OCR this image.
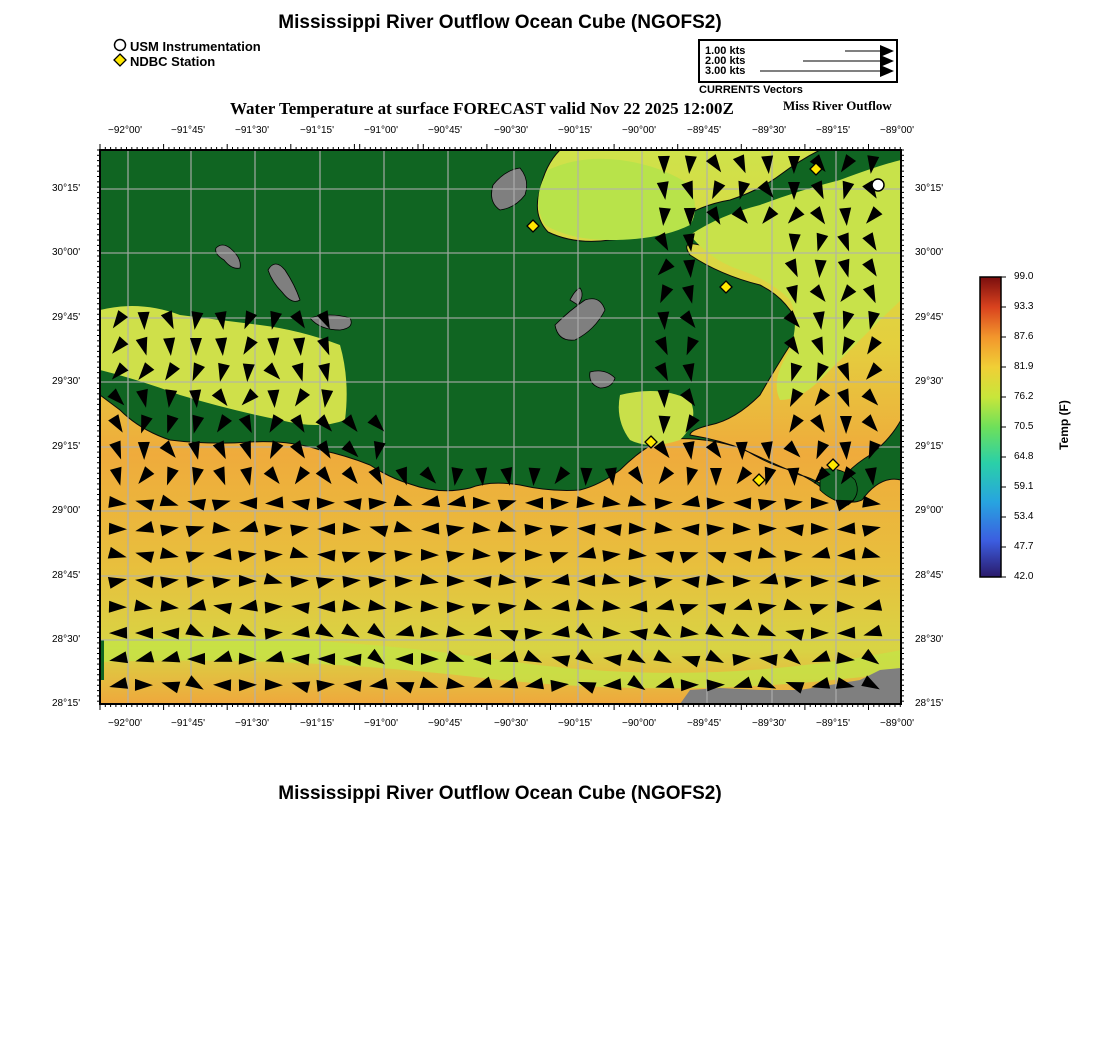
Mississippi River Outflow Ocean Cube (NGOFS2)
USM Instrumentation
NDBC Station
1.00 kts
2.00 kts
3.00 kts
CURRENTS Vectors
Water Temperature at surface FORECAST valid Nov 22 2025 12:00Z	Miss River Outflow
−92°00'	−91°45'	−91°30'	−91°15'	−91°00'	−90°45'	−90°30'	−90°15'	−90°00'	−89°45'	−89°30'	−89°15'	−89°00'
−92°00'	−91°45'	−91°30'	−91°15'	−91°00'	−90°45'	−90°30'	−90°15'	−90°00'	−89°45'	−89°30'	−89°15'	−89°00'
30°15'
30°00'
29°45'
29°30'
29°15'
29°00'
28°45'
28°30'
28°15'
30°15'
30°00'
29°45'
29°30'
29°15'
29°00'
28°45'
28°30'
28°15'
99.0
93.3
87.6
81.9
76.2
70.5
64.8
59.1
53.4
47.7
42.0
Temp (F)
Mississippi River Outflow Ocean Cube (NGOFS2)
